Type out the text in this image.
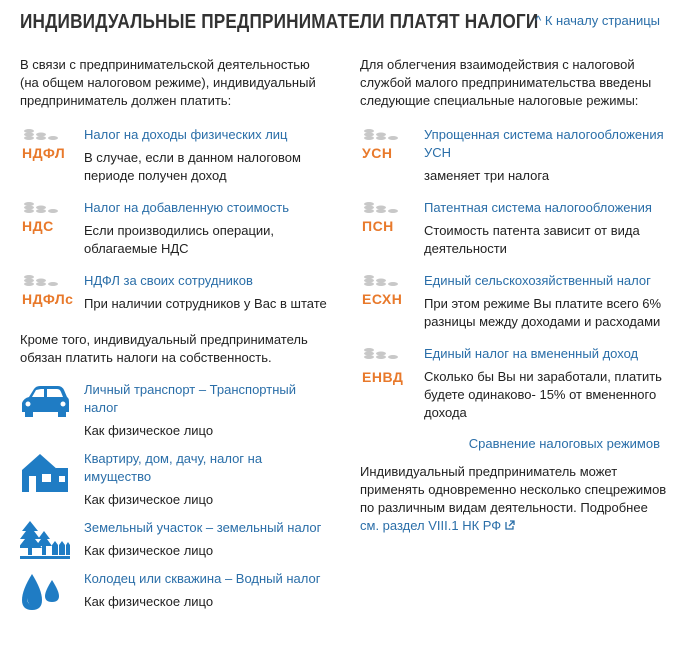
ИНДИВИДУАЛЬНЫЕ ПРЕДПРИНИМАТЕЛИ ПЛАТЯТ НАЛОГИ
^ К началу страницы

В связи с предпринимательской деятельностью (на общем налоговом режиме), индивидуальный предприниматель должен платить:

НДФЛ
Налог на доходы физических лиц

В случае, если в данном налоговом периоде получен доход

НДС
Налог на добавленную стоимость

Если производились операции, облагаемые НДС

НДФЛс
НДФЛ за своих сотрудников

При наличии сотрудников у Вас в штате

Кроме того, индивидуальный предприниматель обязан платить налоги на собственность.

Личный транспорт – Транспортный налог

Как физическое лицо

Квартиру, дом, дачу, налог на имущество

Как физическое лицо

Земельный участок – земельный налог

Как физическое лицо

Колодец или скважина – Водный налог

Как физическое лицо

Для облегчения взаимодействия с налоговой службой малого предпринимательства введены следующие специальные налоговые режимы:

УСН
Упрощенная система налогообложения УСН

заменяет три налога

ПСН
Патентная система налогообложения

Стоимость патента зависит от вида деятельности

ЕСХН
Единый сельскохозяйственный налог

При этом режиме Вы платите всего 6% разницы между доходами и расходами

ЕНВД
Единый налог на вмененный доход

Сколько бы Вы ни заработали, платить будете одинаково- 15% от вмененного дохода

Сравнение налоговых режимов

Индивидуальный предприниматель может применять одновременно несколько спецрежимов по различным видам деятельности. Подробнее см. раздел VIII.1 НК РФ
